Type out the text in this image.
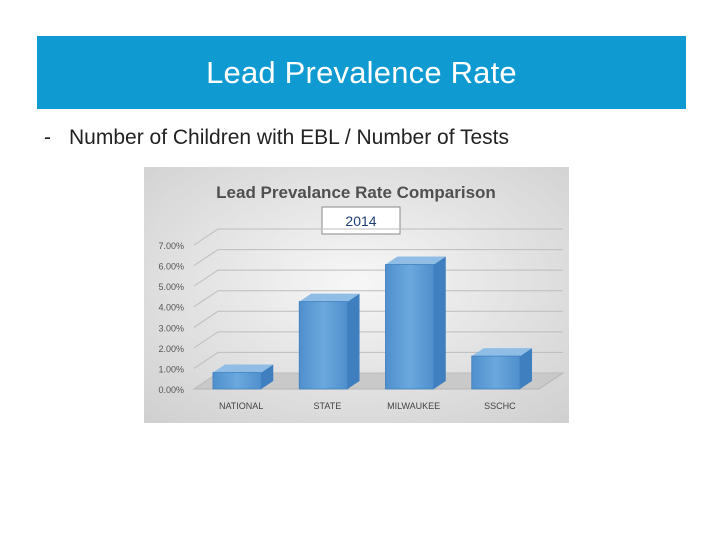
Lead Prevalence Rate
- Number of Children with EBL / Number of Tests
Lead Prevalance Rate Comparison
2014
0.00%
1.00%
2.00%
3.00%
4.00%
5.00%
6.00%
7.00%
NATIONAL	STATE	MILWAUKEE	SSCHC
